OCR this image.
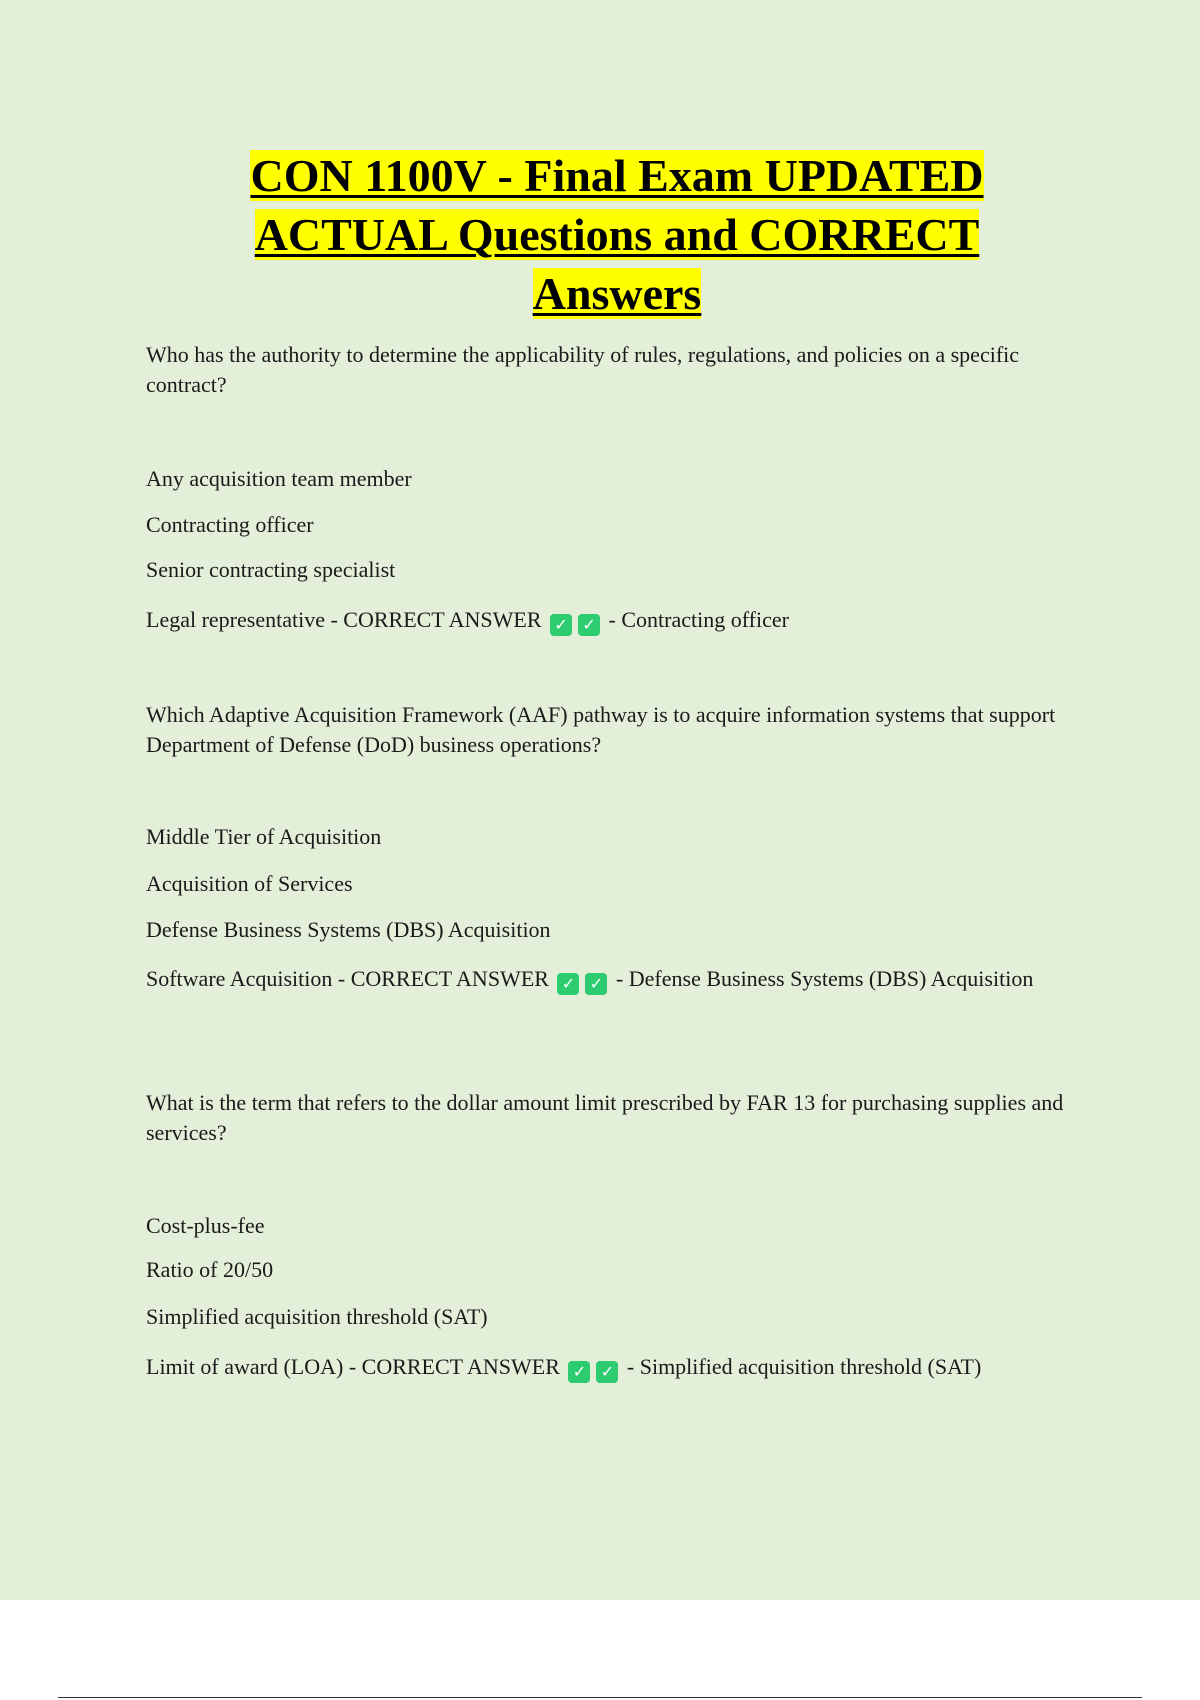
CON 1100V - Final Exam UPDATED
ACTUAL Questions and CORRECT
Answers

Who has the authority to determine the applicability of rules, regulations, and policies on a specific contract?

Any acquisition team member

Contracting officer

Senior contracting specialist

Legal representative - CORRECT ANSWER ✓ ✓ - Contracting officer

Which Adaptive Acquisition Framework (AAF) pathway is to acquire information systems that support Department of Defense (DoD) business operations?

Middle Tier of Acquisition

Acquisition of Services

Defense Business Systems (DBS) Acquisition

Software Acquisition - CORRECT ANSWER ✓ ✓ - Defense Business Systems (DBS) Acquisition

What is the term that refers to the dollar amount limit prescribed by FAR 13 for purchasing supplies and services?

Cost-plus-fee

Ratio of 20/50

Simplified acquisition threshold (SAT)

Limit of award (LOA) - CORRECT ANSWER ✓ ✓ - Simplified acquisition threshold (SAT)
